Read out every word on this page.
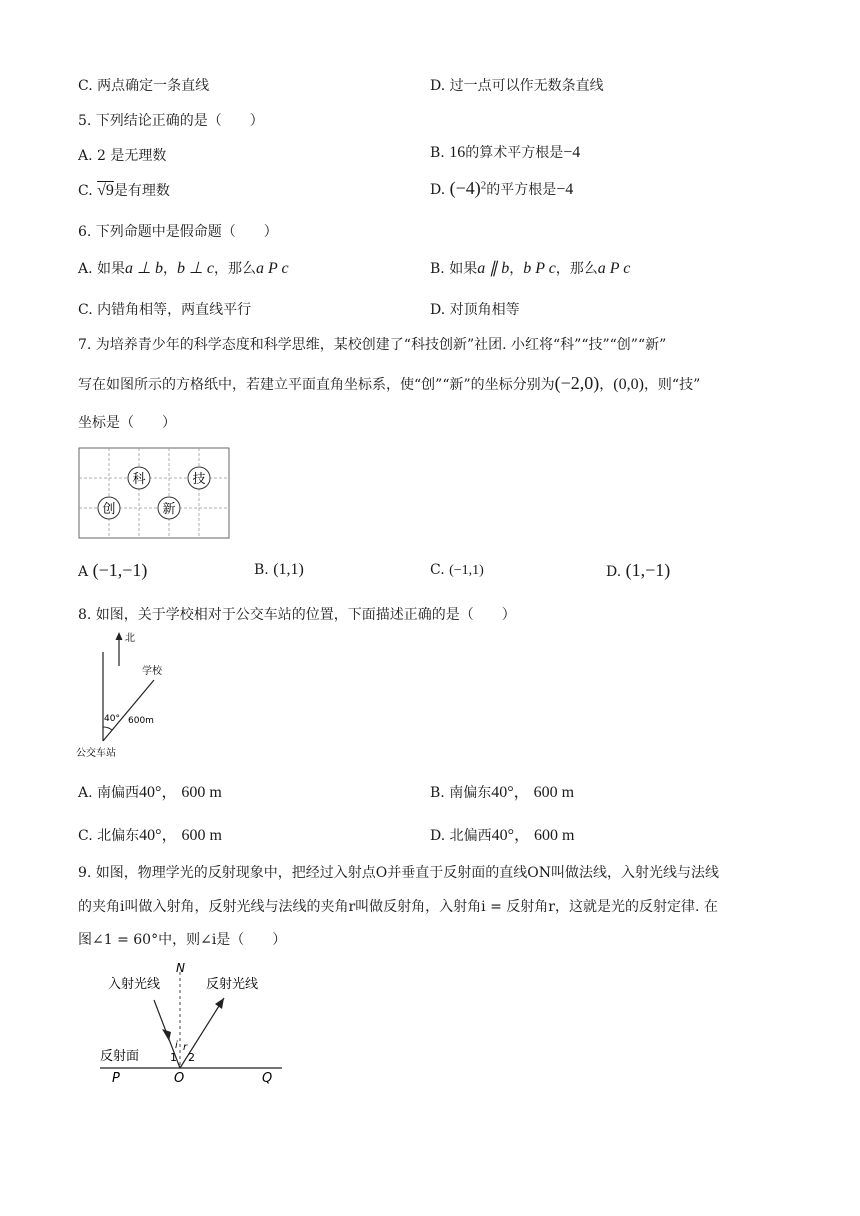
C. 两点确定一条直线	D. 过一点可以作无数条直线
5. 下列结论正确的是（　　）
A. 2 是无理数	B. 16的算术平方根是−4
C. √9是有理数	D. $(-4)^2$的平方根是−4
6. 下列命题中是假命题（　　）
A. 如果a ⊥ b，b ⊥ c，那么a P c	B. 如果a ∥ b，b P c，那么a P c
C. 内错角相等，两直线平行	D. 对顶角相等
7. 为培养青少年的科学态度和科学思维，某校创建了“科技创新”社团. 小红将“科”“技”“创”“新”
写在如图所示的方格纸中，若建立平面直角坐标系，使“创”“新”的坐标分别为(−2,0)，(0,0)，则“技”
坐标是（　　）
科	技
创	新
A (−1,−1)	B. (1,1)	C. (−1,1)	D. (1,−1)
8. 如图，关于学校相对于公交车站的位置，下面描述正确的是（　　）
北
学校
40° 600m
公交车站
A. 南偏西40°， 600 m	B. 南偏东40°， 600 m
C. 北偏东40°， 600 m	D. 北偏西40°， 600 m
9. 如图，物理学光的反射现象中，把经过入射点O并垂直于反射面的直线ON叫做法线，入射光线与法线
的夹角i叫做入射角，反射光线与法线的夹角r叫做反射角，入射角i = 反射角r，这就是光的反射定律. 在
图∠1 = 60°中，则∠i是（　　）
N
入射光线	反射光线
反射面
P	O	Q
1 2
i r
